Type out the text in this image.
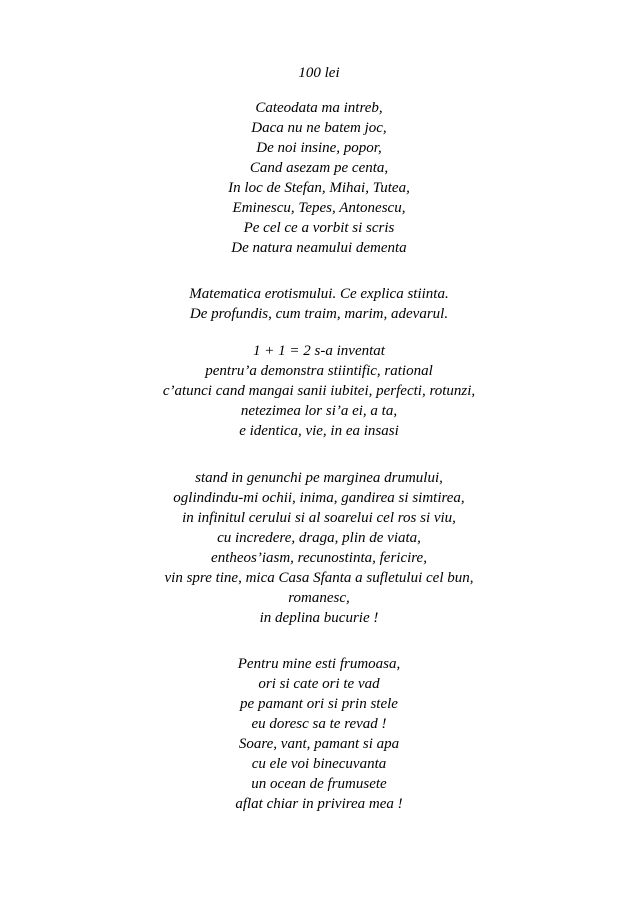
100 lei
Cateodata ma intreb,
Daca nu ne batem joc,
De noi insine, popor,
Cand asezam pe centa,
In loc de Stefan, Mihai, Tutea,
Eminescu, Tepes, Antonescu,
Pe cel ce a vorbit si scris
De natura neamului dementa
Matematica erotismului. Ce explica stiinta.
De profundis, cum traim, marim, adevarul.
1 + 1 = 2 s-a inventat
pentru’a demonstra stiintific, rational
c’atunci cand mangai sanii iubitei, perfecti, rotunzi,
netezimea lor si’a ei, a ta,
e identica, vie, in ea insasi
stand in genunchi pe marginea drumului,
oglindindu-mi ochii, inima, gandirea si simtirea,
in infinitul cerului si al soarelui cel ros si viu,
cu incredere, draga, plin de viata,
entheos’iasm, recunostinta, fericire,
vin spre tine, mica Casa Sfanta a sufletului cel bun,
romanesc,
in deplina bucurie !
Pentru mine esti frumoasa,
ori si cate ori te vad
pe pamant ori si prin stele
eu doresc sa te revad !
Soare, vant, pamant si apa
cu ele voi binecuvanta
un ocean de frumusete
aflat chiar in privirea mea !
